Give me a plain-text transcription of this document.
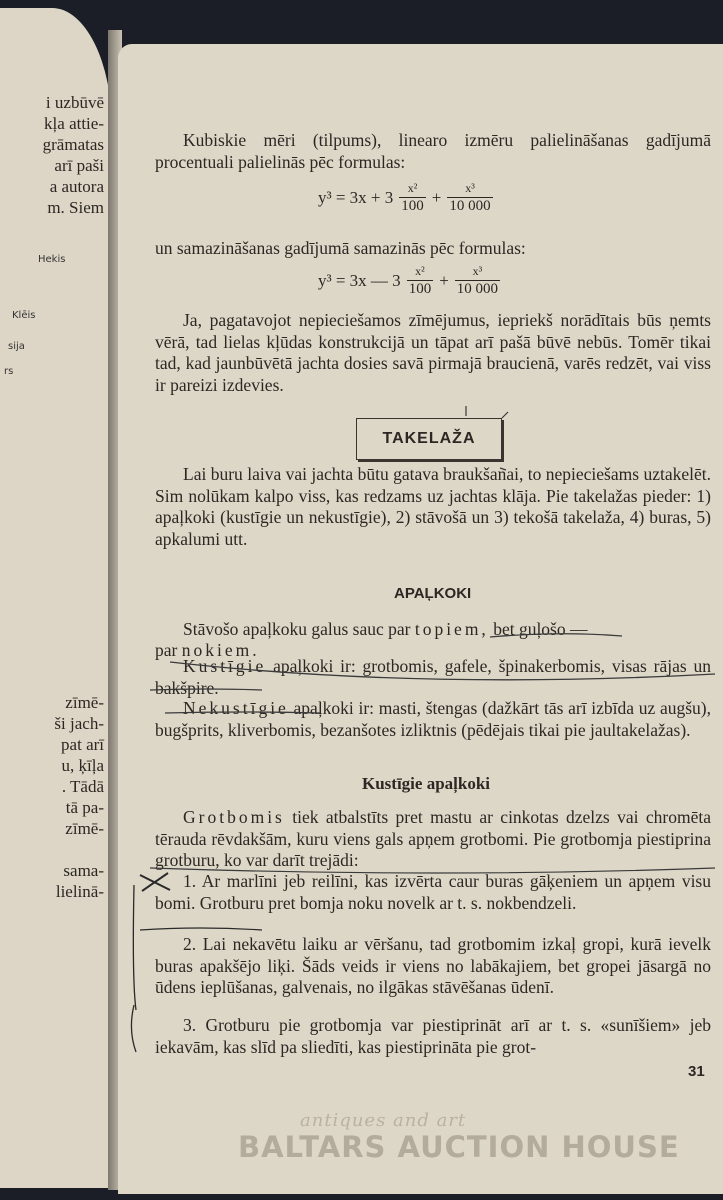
i uzbūvē
kļa attie-
grāmatas
arī paši
a autora
m. Siem
Hekis
Klēis
sija
rs
zīmē-
ši jach-
pat arī
u, ķīļa
. Tādā
tā pa-
zīmē-
sama-
lielinā-
Kubiskie mēri (tilpums), linearo izmēru palielināšanas gadījumā procentuali palielinās pēc formulas:
$y^3 = 3x + 3 \frac{\text{x²}}{100} + \frac{\text{x³}}{10 000}$
un samazināšanas gadījumā samazinās pēc formulas:
y³ = 3x — $3 \frac{\text{x²}}{100} + \frac{\text{x³}}{10 000}$
Ja, pagatavojot nepieciešamos zīmējumus, iepriekš norādītais būs ņemts vērā, tad lielas kļūdas konstrukcijā un tāpat arī pašā būvē nebūs. Tomēr tikai tad, kad jaunbūvētā jachta dosies savā pirmajā braucienā, varēs redzēt, vai viss ir pareizi izdevies.
TAKELAŽA
Lai buru laiva vai jachta būtu gatava braukšanai, to nepieciešams uztakelēt. Sim nolūkam kalpo viss, kas redzams uz jachtas klāja. Pie takelažas pieder: 1) apaļkoki (kustīgie un nekustīgie), 2) stāvošā un 3) tekošā takelaža, 4) buras, 5) apkalumi utt.
APAĻKOKI
Stāvošo apaļkoku galus sauc par topiem, bet guļošo —
par nokiem.
Kustīgie apaļkoki ir: grotbomis, gafele, špinakerbomis, visas rājas un bakšpire.
Nekustīgie apaļkoki ir: masti, štengas (dažkārt tās arī izbīda uz augšu), bugšprits, kliverbomis, bezanšotes izliktnis (pēdējais tikai pie jaultakelažas).
Kustīgie apaļkoki
Grotbomis tiek atbalstīts pret mastu ar cinkotas dzelzs vai chromēta tērauda rēvdakšām, kuru viens gals apņem grotbomi. Pie grotbomja piestiprina grotburu, ko var darīt trejādi:
1. Ar marlīni jeb reilīni, kas izvērta caur buras gāķeniem un apņem visu bomi. Grotburu pret bomja noku novelk ar t. s. nokbendzeli.
2. Lai nekavētu laiku ar vēršanu, tad grotbomim izkaļ gropi, kurā ievelk buras apakšējo liķi. Šāds veids ir viens no labākajiem, bet gropei jāsargā no ūdens ieplūšanas, galvenais, no ilgākas stāvēšanas ūdenī.
3. Grotburu pie grotbomja var piestiprināt arī ar t. s. «sunīšiem» jeb iekavām, kas slīd pa sliedīti, kas piestiprināta pie grot-
31
antiques and art
BALTARS AUCTION HOUSE
